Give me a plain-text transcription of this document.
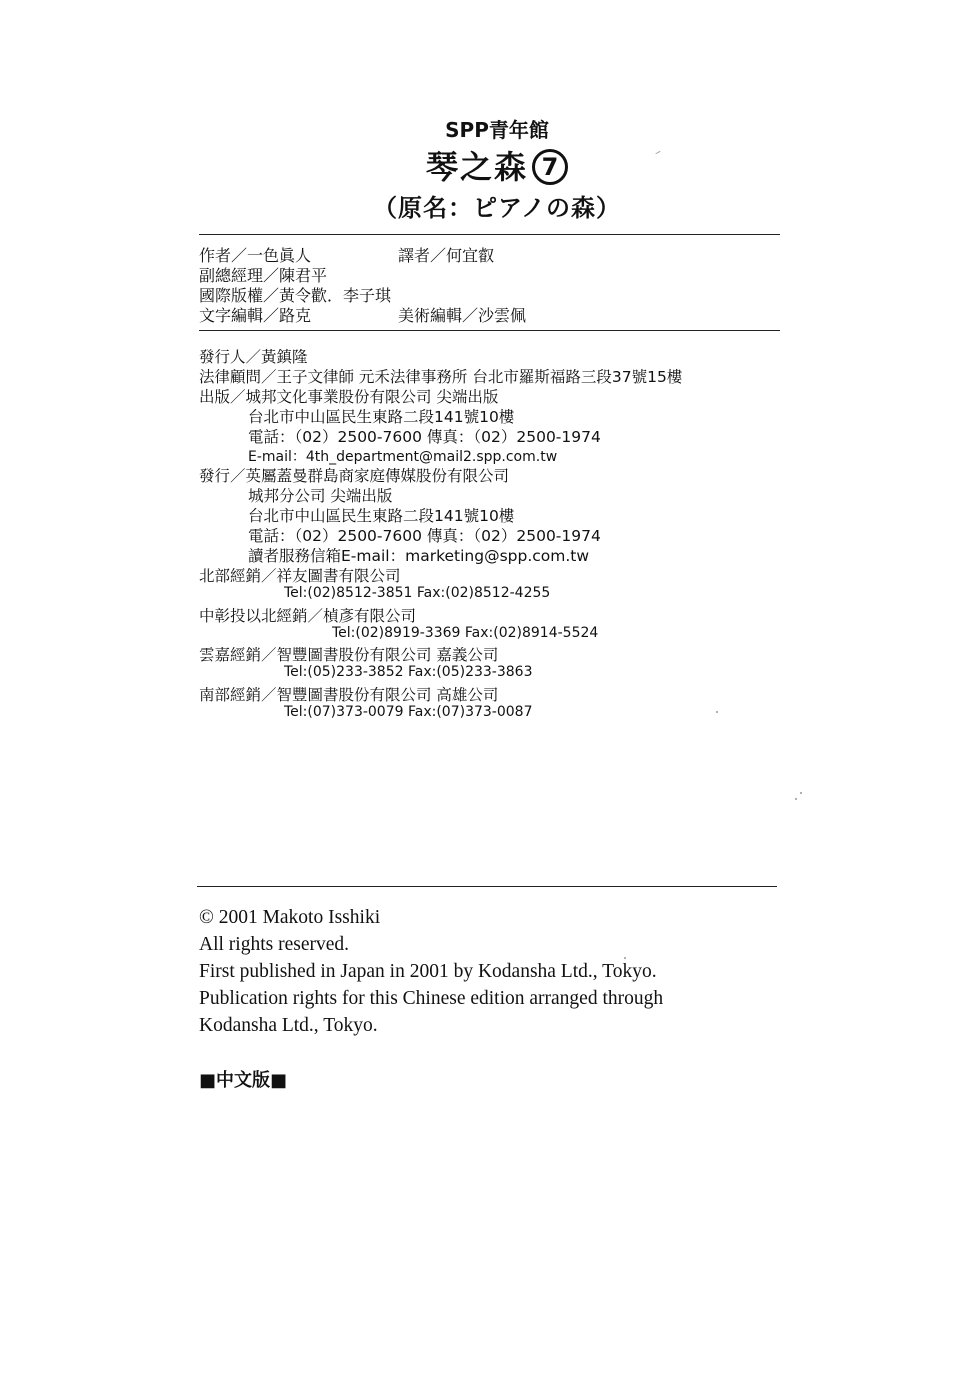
SPP青年館
琴之森 7
（原名：ピアノの森）
作者／一色眞人	譯者／何宜叡
副總經理／陳君平
國際版權／黃令歡．李子琪
文字編輯／路克	美術編輯／沙雲佩
發行人／黃鎮隆
法律顧問／王子文律師 元禾法律事務所 台北市羅斯福路三段37號15樓
出版／城邦文化事業股份有限公司 尖端出版
台北市中山區民生東路二段141號10樓
電話：（02）2500-7600 傳真：（02）2500-1974
E-mail：4th_department@mail2.spp.com.tw
發行／英屬蓋曼群島商家庭傳媒股份有限公司
城邦分公司 尖端出版
台北市中山區民生東路二段141號10樓
電話：（02）2500-7600 傳真：（02）2500-1974
讀者服務信箱E-mail：marketing@spp.com.tw
北部經銷／祥友圖書有限公司
Tel:(02)8512-3851 Fax:(02)8512-4255
中彰投以北經銷／楨彥有限公司
Tel:(02)8919-3369 Fax:(02)8914-5524
雲嘉經銷／智豐圖書股份有限公司 嘉義公司
Tel:(05)233-3852 Fax:(05)233-3863
南部經銷／智豐圖書股份有限公司 高雄公司
Tel:(07)373-0079 Fax:(07)373-0087
© 2001 Makoto Isshiki
All rights reserved.
First published in Japan in 2001 by Kodansha Ltd., Tokyo.
Publication rights for this Chinese edition arranged through
Kodansha Ltd., Tokyo.
■中文版■
